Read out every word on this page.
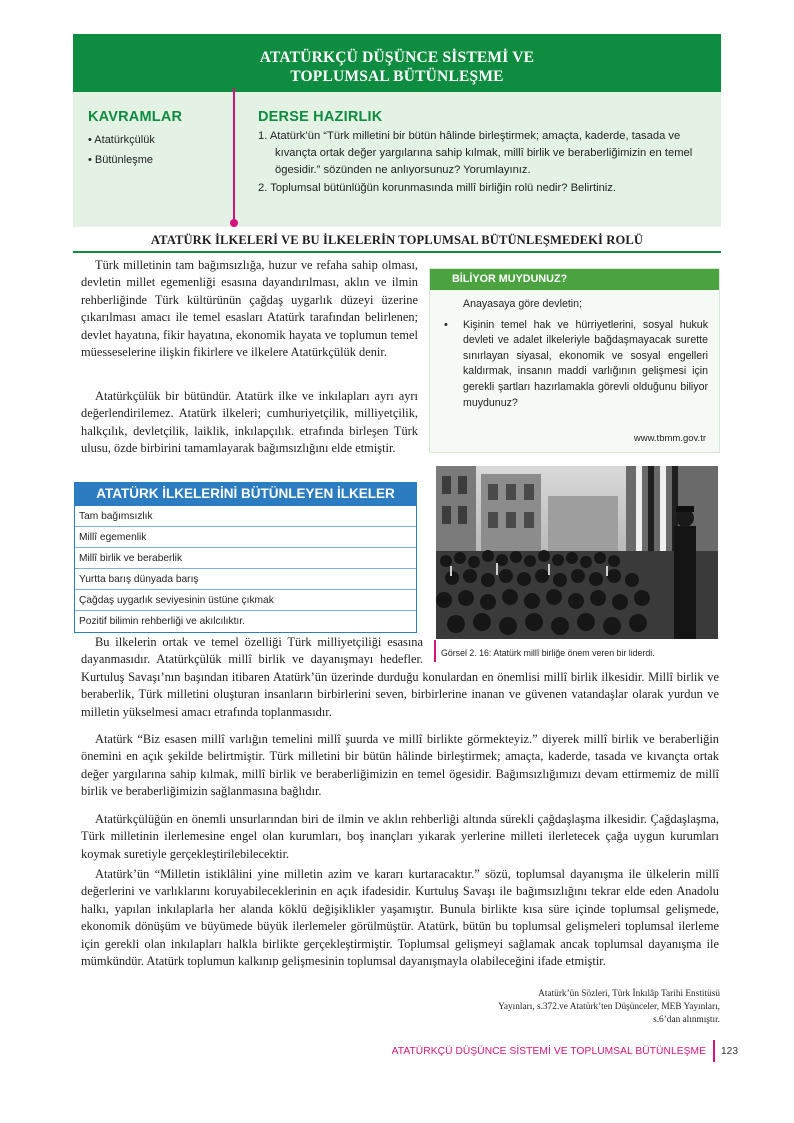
ATATÜRKÇÜ DÜŞÜNCE SİSTEMİ VE
TOPLUMSAL BÜTÜNLEŞME
KAVRAMLAR
• Atatürkçülük
• Bütünleşme
DERSE HAZIRLIK

1. Atatürk’ün “Türk milletini bir bütün hâlinde birleştirmek; amaçta, kaderde, tasada ve kıvançta ortak değer yargılarına sahip kılmak, millî birlik ve beraberliğimizin en temel ögesidir.” sözünden ne anlıyorsunuz? Yorumlayınız.

2. Toplumsal bütünlüğün korunmasında millî birliğin rolü nedir? Belirtiniz.

ATATÜRK İLKELERİ VE BU İLKELERİN TOPLUMSAL BÜTÜNLEŞMEDEKİ ROLÜ

Türk milletinin tam bağımsızlığa, huzur ve refaha sahip olması, devletin millet egemenliği esasına dayandırılması, aklın ve ilmin rehberliğinde Türk kültürünün çağdaş uygarlık düzeyi üzerine çıkarılması amacı ile temel esasları Atatürk tarafından belirlenen; devlet hayatına, fikir hayatına, ekonomik hayata ve toplumun temel müesseselerine ilişkin fikirlere ve ilkelere Atatürkçülük denir.

Atatürkçülük bir bütündür. Atatürk ilke ve inkılapları ayrı ayrı değerlendirilemez. Atatürk ilkeleri; cumhuriyetçilik, milliyetçilik, halkçılık, devletçilik, laiklik, inkılapçılık. etrafında birleşen Türk ulusu, özde birbirini tamamlayarak bağımsızlığını elde etmiştir.

ATATÜRK İLKELERİNİ BÜTÜNLEYEN İLKELER
Tam bağımsızlık
Millî egemenlik
Millî birlik ve beraberlik
Yurtta barış dünyada barış
Çağdaş uygarlık seviyesinin üstüne çıkmak
Pozitif bilimin rehberliği ve akılcılıktır.
BİLİYOR MUYDUNUZ?
•
Anayasaya göre devletin;
Kişinin temel hak ve hürriyetlerini, sosyal hukuk devleti ve adalet ilkeleriyle bağdaşmayacak surette sınırlayan siyasal, ekonomik ve sosyal engelleri kaldırmak, insanın maddi varlığının gelişmesi için gerekli şartları hazırlamakla görevli olduğunu biliyor muydunuz?
www.tbmm.gov.tr
Görsel 2. 16: Atatürk millî birliğe önem veren bir liderdi.

Bu ilkelerin ortak ve temel özelliği Türk milliyetçiliği esasına dayanmasıdır. Atatürkçülük millî birlik ve dayanışmayı hedefler. Kurtuluş Savaşı’nın başından itibaren Atatürk’ün üzerinde durduğu konulardan en önemlisi millî birlik ilkesidir. Millî birlik ve beraberlik, Türk milletini oluşturan insanların birbirlerini seven, birbirlerine inanan ve güvenen vatandaşlar olarak yurdun ve milletin yükselmesi amacı etrafında toplanmasıdır.

Atatürk “Biz esasen millî varlığın temelini millî şuurda ve millî birlikte görmekteyiz.” diyerek millî birlik ve beraberliğin önemini en açık şekilde belirtmiştir. Türk milletini bir bütün hâlinde birleştirmek; amaçta, kaderde, tasada ve kıvançta ortak değer yargılarına sahip kılmak, millî birlik ve beraberliğimizin en temel ögesidir. Bağımsızlığımızı devam ettirmemiz de millî birlik ve beraberliğimizin sağlanmasına bağlıdır.

Atatürkçülüğün en önemli unsurlarından biri de ilmin ve aklın rehberliği altında sürekli çağdaşlaşma ilkesidir. Çağdaşlaşma, Türk milletinin ilerlemesine engel olan kurumları, boş inançları yıkarak yerlerine milleti ilerletecek çağa uygun kurumları koymak suretiyle gerçekleştirilebilecektir.

Atatürk’ün “Milletin istiklâlini yine milletin azim ve kararı kurtaracaktır.” sözü, toplumsal dayanışma ile ülkelerin millî değerlerini ve varlıklarını koruyabileceklerinin en açık ifadesidir. Kurtuluş Savaşı ile bağımsızlığını tekrar elde eden Anadolu halkı, yapılan inkılaplarla her alanda köklü değişiklikler yaşamıştır. Bunula birlikte kısa süre içinde toplumsal gelişmede, ekonomik dönüşüm ve büyümede büyük ilerlemeler görülmüştür. Atatürk, bütün bu toplumsal gelişmeleri toplumsal ilerleme için gerekli olan inkılapları halkla birlikte gerçekleştirmiştir. Toplumsal gelişmeyi sağlamak ancak toplumsal dayanışma ile mümkündür. Atatürk toplumun kalkınıp gelişmesinin toplumsal dayanışmayla olabileceğini ifade etmiştir.

Atatürk’ün Sözleri, Türk İnkılâp Tarihi Enstitüsü
Yayınları, s.372.ve Atatürk’ten Düşünceler, MEB Yayınları,
s.6’dan alınmıştır.
ATATÜRKÇÜ DÜŞÜNCE SİSTEMİ VE TOPLUMSAL BÜTÜNLEŞME 123
